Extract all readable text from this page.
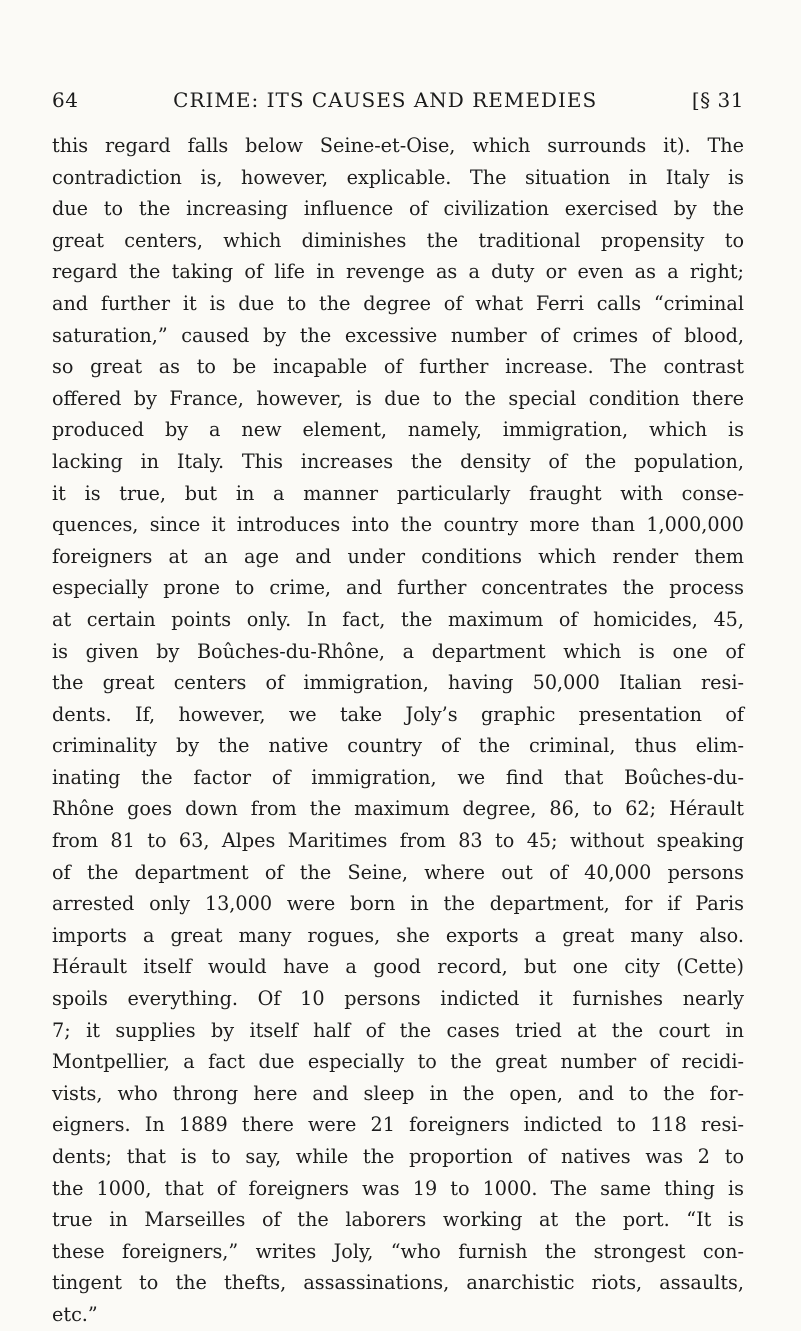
64	CRIME: ITS CAUSES AND REMEDIES	[§ 31
this regard falls below Seine-et-Oise, which surrounds it). The
contradiction is, however, explicable. The situation in Italy is
due to the increasing influence of civilization exercised by the
great centers, which diminishes the traditional propensity to
regard the taking of life in revenge as a duty or even as a right;
and further it is due to the degree of what Ferri calls “criminal
saturation,” caused by the excessive number of crimes of blood,
so great as to be incapable of further increase. The contrast
offered by France, however, is due to the special condition there
produced by a new element, namely, immigration, which is
lacking in Italy. This increases the density of the population,
it is true, but in a manner particularly fraught with conse-
quences, since it introduces into the country more than 1,000,000
foreigners at an age and under conditions which render them
especially prone to crime, and further concentrates the process
at certain points only. In fact, the maximum of homicides, 45,
is given by Boûches-du-Rhône, a department which is one of
the great centers of immigration, having 50,000 Italian resi-
dents. If, however, we take Joly’s graphic presentation of
criminality by the native country of the criminal, thus elim-
inating the factor of immigration, we find that Boûches-du-
Rhône goes down from the maximum degree, 86, to 62; Hérault
from 81 to 63, Alpes Maritimes from 83 to 45; without speaking
of the department of the Seine, where out of 40,000 persons
arrested only 13,000 were born in the department, for if Paris
imports a great many rogues, she exports a great many also.
Hérault itself would have a good record, but one city (Cette)
spoils everything. Of 10 persons indicted it furnishes nearly
7; it supplies by itself half of the cases tried at the court in
Montpellier, a fact due especially to the great number of recidi-
vists, who throng here and sleep in the open, and to the for-
eigners. In 1889 there were 21 foreigners indicted to 118 resi-
dents; that is to say, while the proportion of natives was 2 to
the 1000, that of foreigners was 19 to 1000. The same thing is
true in Marseilles of the laborers working at the port. “It is
these foreigners,” writes Joly, “who furnish the strongest con-
tingent to the thefts, assassinations, anarchistic riots, assaults,
etc.”
